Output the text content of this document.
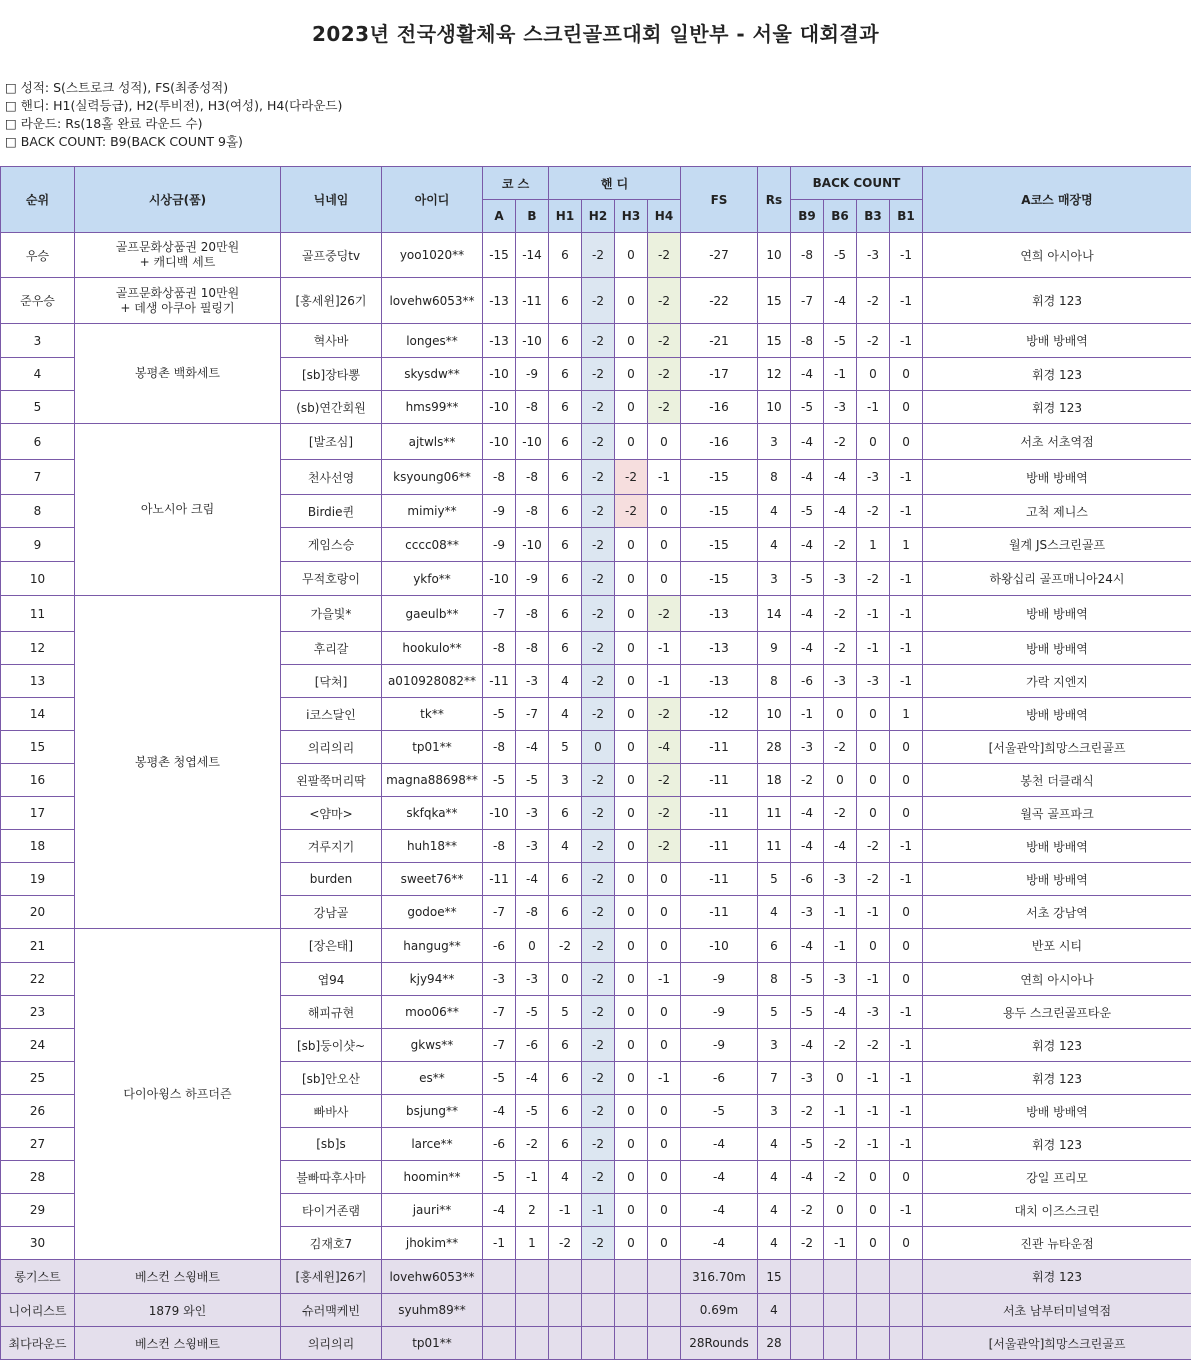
2023년 전국생활체육 스크린골프대회 일반부 - 서울 대회결과
□ 성적: S(스트로크 성적), FS(최종성적)
□ 핸디: H1(실력등급), H2(투비전), H3(여성), H4(다라운드)
□ 라운드: Rs(18홀 완료 라운드 수)
□ BACK COUNT: B9(BACK COUNT 9홀)
순위	시상금(품)	닉네임	아이디	코 스		핸 디				FS	Rs	BACK COUNT				A코스 매장명
				A	B	H1	H2	H3	H4			B9	B6	B3	B1	
우승	골프문화상품권 20만원
+ 캐디백 세트	골프중딩tv	yoo1020**	-15	-14	6	-2	0	-2	-27	10	-8	-5	-3	-1	연희 아시아나
준우승	골프문화상품권 10만원
+ 데생 아쿠아 필링기	[홍세윈]26기	lovehw6053**	-13	-11	6	-2	0	-2	-22	15	-7	-4	-2	-1	휘경 123
3	봉평촌 백화세트	혁사바	longes**	-13	-10	6	-2	0	-2	-21	15	-8	-5	-2	-1	방배 방배역
4		[sb]장타뽕	skysdw**	-10	-9	6	-2	0	-2	-17	12	-4	-1	0	0	휘경 123
5		(sb)연간회원	hms99**	-10	-8	6	-2	0	-2	-16	10	-5	-3	-1	0	휘경 123
6	아노시아 크림	[발조심]	ajtwls**	-10	-10	6	-2	0	0	-16	3	-4	-2	0	0	서초 서초역점
7		천사선영	ksyoung06**	-8	-8	6	-2	-2	-1	-15	8	-4	-4	-3	-1	방배 방배역
8		Birdie퀸	mimiy**	-9	-8	6	-2	-2	0	-15	4	-5	-4	-2	-1	고척 제니스
9		게임스승	cccc08**	-9	-10	6	-2	0	0	-15	4	-4	-2	1	1	월계 JS스크린골프
10		무적호랑이	ykfo**	-10	-9	6	-2	0	0	-15	3	-5	-3	-2	-1	하왕십리 골프매니아24시
11	봉평촌 청엽세트	가을빛*	gaeulb**	-7	-8	6	-2	0	-2	-13	14	-4	-2	-1	-1	방배 방배역
12		후리갈	hookulo**	-8	-8	6	-2	0	-1	-13	9	-4	-2	-1	-1	방배 방배역
13		[닥쳐]	a010928082**	-11	-3	4	-2	0	-1	-13	8	-6	-3	-3	-1	가락 지엔지
14		i코스달인	tk**	-5	-7	4	-2	0	-2	-12	10	-1	0	0	1	방배 방배역
15		의리의리	tp01**	-8	-4	5	0	0	-4	-11	28	-3	-2	0	0	[서울관악]희망스크린골프
16		왼팔쭉머리딱	magna88698**	-5	-5	3	-2	0	-2	-11	18	-2	0	0	0	봉천 더클래식
17		<얌마>	skfqka**	-10	-3	6	-2	0	-2	-11	11	-4	-2	0	0	월곡 골프파크
18		겨루지기	huh18**	-8	-3	4	-2	0	-2	-11	11	-4	-4	-2	-1	방배 방배역
19		burden	sweet76**	-11	-4	6	-2	0	0	-11	5	-6	-3	-2	-1	방배 방배역
20		강남골	godoe**	-7	-8	6	-2	0	0	-11	4	-3	-1	-1	0	서초 강남역
21	다이아윙스 하프더즌	[장은태]	hangug**	-6	0	-2	-2	0	0	-10	6	-4	-1	0	0	반포 시티
22		엽94	kjy94**	-3	-3	0	-2	0	-1	-9	8	-5	-3	-1	0	연희 아시아나
23		해피규현	moo06**	-7	-5	5	-2	0	0	-9	5	-5	-4	-3	-1	용두 스크린골프타운
24		[sb]둥이샷~	gkws**	-7	-6	6	-2	0	0	-9	3	-4	-2	-2	-1	휘경 123
25		[sb]안오산	es**	-5	-4	6	-2	0	-1	-6	7	-3	0	-1	-1	휘경 123
26		빠바사	bsjung**	-4	-5	6	-2	0	0	-5	3	-2	-1	-1	-1	방배 방배역
27		[sb]s	larce**	-6	-2	6	-2	0	0	-4	4	-5	-2	-1	-1	휘경 123
28		불빠따후사마	hoomin**	-5	-1	4	-2	0	0	-4	4	-4	-2	0	0	강일 프리모
29		타이거존램	jauri**	-4	2	-1	-1	0	0	-4	4	-2	0	0	-1	대치 이즈스크린
30		김재호7	jhokim**	-1	1	-2	-2	0	0	-4	4	-2	-1	0	0	진관 뉴타운점
롱기스트	베스컨 스윙배트	[홍세윈]26기	lovehw6053**							316.70m	15					휘경 123
니어리스트	1879 와인	슈러맥케빈	syuhm89**							0.69m	4					서초 남부터미널역점
최다라운드	베스컨 스윙배트	의리의리	tp01**							28Rounds	28					[서울관악]희망스크린골프
